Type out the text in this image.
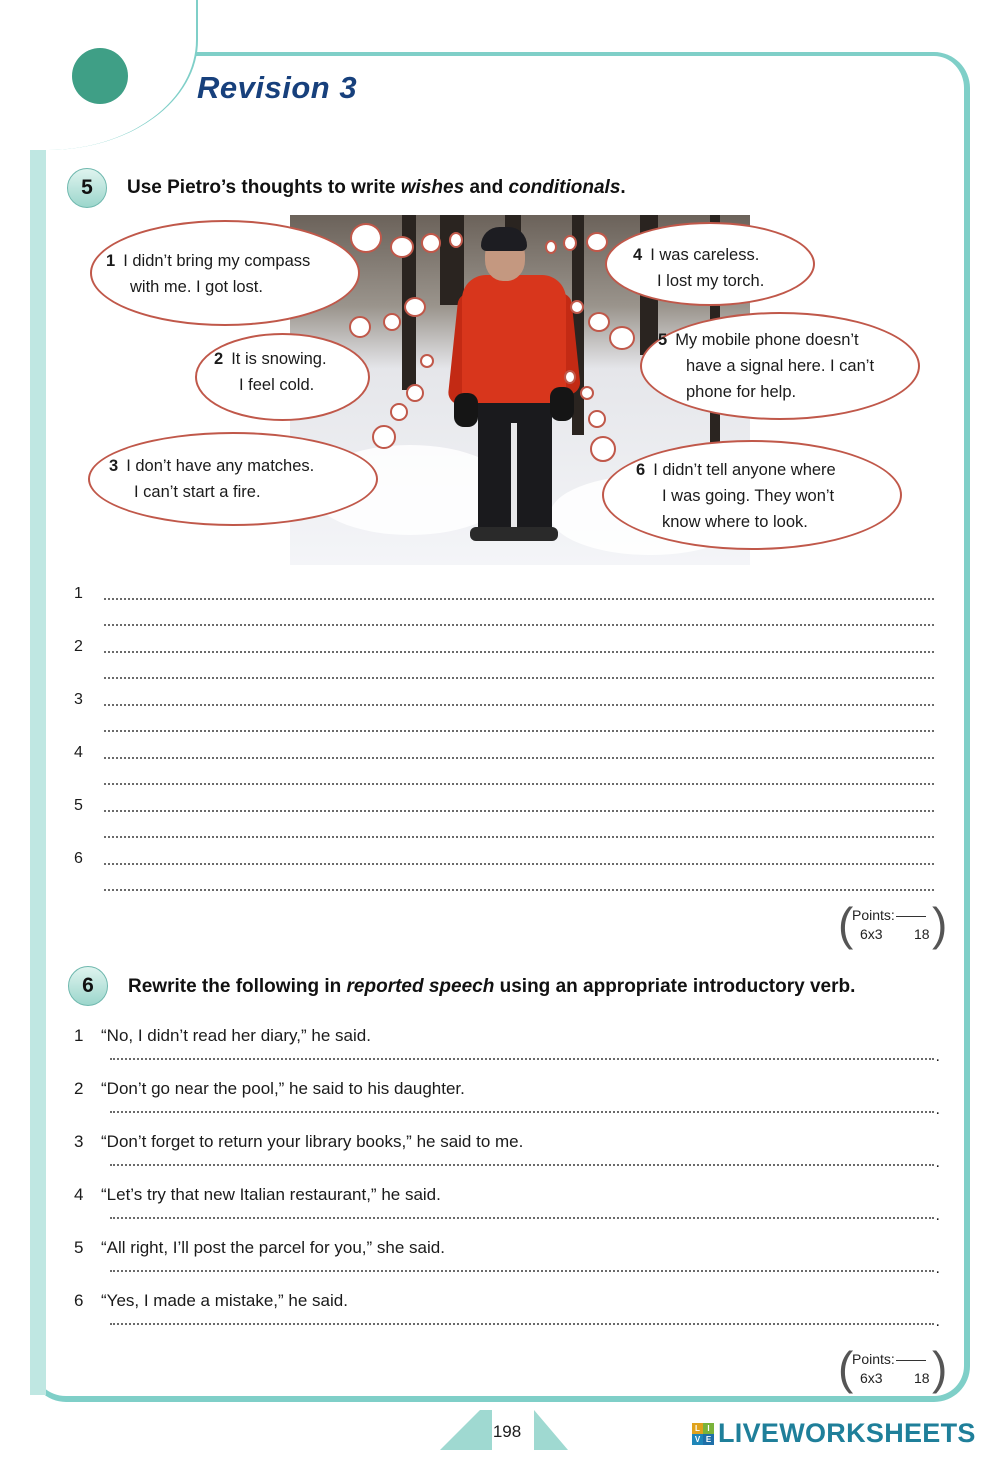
Revision 3
5	Use Pietro’s thoughts to write wishes and conditionals.
1 I didn’t bring my compass
with me. I got lost.
2 It is snowing.
I feel cold.
3 I don’t have any matches.
I can’t start a fire.
4 I was careless.
I lost my torch.
5 My mobile phone doesn’t
have a signal here. I can’t
phone for help.
6 I didn’t tell anyone where
I was going. They won’t
know where to look.
1
2
3
4
5
6
(
Points:
6x3 18 )
6	Rewrite the following in reported speech using an appropriate introductory verb.
1 “No, I didn’t read her diary,” he said.
.
2 “Don’t go near the pool,” he said to his daughter.
.
3 “Don’t forget to return your library books,” he said to me.
.
4 “Let’s try that new Italian restaurant,” he said.
.
5 “All right, I’ll post the parcel for you,” she said.
.
6 “Yes, I made a mistake,” he said.
.
(
Points:
6x3 18 )
198	L I
V E LIVEWORKSHEETS
